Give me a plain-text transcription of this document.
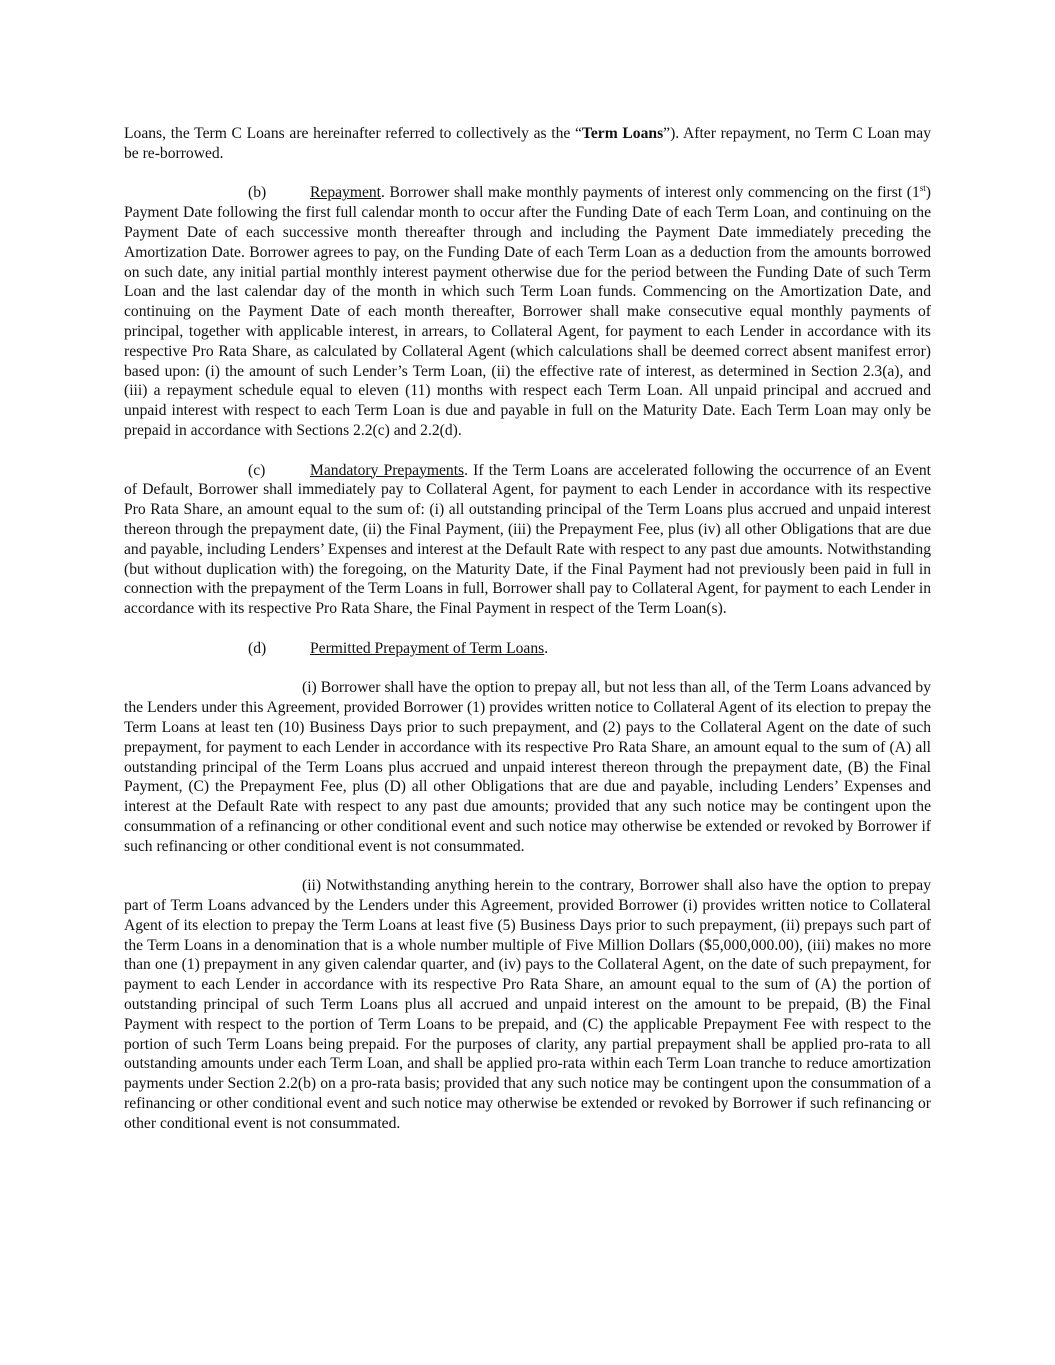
Loans, the Term C Loans are hereinafter referred to collectively as the “Term Loans”). After repayment, no Term C Loan may be re-borrowed.

(b)	Repayment. Borrower shall make monthly payments of interest only commencing on the first (1st) Payment Date following the first full calendar month to occur after the Funding Date of each Term Loan, and continuing on the Payment Date of each successive month thereafter through and including the Payment Date immediately preceding the Amortization Date. Borrower agrees to pay, on the Funding Date of each Term Loan as a deduction from the amounts borrowed on such date, any initial partial monthly interest payment otherwise due for the period between the Funding Date of such Term Loan and the last calendar day of the month in which such Term Loan funds. Commencing on the Amortization Date, and continuing on the Payment Date of each month thereafter, Borrower shall make consecutive equal monthly payments of principal, together with applicable interest, in arrears, to Collateral Agent, for payment to each Lender in accordance with its respective Pro Rata Share, as calculated by Collateral Agent (which calculations shall be deemed correct absent manifest error) based upon: (i) the amount of such Lender’s Term Loan, (ii) the effective rate of interest, as determined in Section 2.3(a), and (iii) a repayment schedule equal to eleven (11) months with respect each Term Loan. All unpaid principal and accrued and unpaid interest with respect to each Term Loan is due and payable in full on the Maturity Date. Each Term Loan may only be prepaid in accordance with Sections 2.2(c) and 2.2(d).

(c)	Mandatory Prepayments. If the Term Loans are accelerated following the occurrence of an Event of Default, Borrower shall immediately pay to Collateral Agent, for payment to each Lender in accordance with its respective Pro Rata Share, an amount equal to the sum of: (i) all outstanding principal of the Term Loans plus accrued and unpaid interest thereon through the prepayment date, (ii) the Final Payment, (iii) the Prepayment Fee, plus (iv) all other Obligations that are due and payable, including Lenders’ Expenses and interest at the Default Rate with respect to any past due amounts. Notwithstanding (but without duplication with) the foregoing, on the Maturity Date, if the Final Payment had not previously been paid in full in connection with the prepayment of the Term Loans in full, Borrower shall pay to Collateral Agent, for payment to each Lender in accordance with its respective Pro Rata Share, the Final Payment in respect of the Term Loan(s).

(d)	Permitted Prepayment of Term Loans.

(i) Borrower shall have the option to prepay all, but not less than all, of the Term Loans advanced by the Lenders under this Agreement, provided Borrower (1) provides written notice to Collateral Agent of its election to prepay the Term Loans at least ten (10) Business Days prior to such prepayment, and (2) pays to the Collateral Agent on the date of such prepayment, for payment to each Lender in accordance with its respective Pro Rata Share, an amount equal to the sum of (A) all outstanding principal of the Term Loans plus accrued and unpaid interest thereon through the prepayment date, (B) the Final Payment, (C) the Prepayment Fee, plus (D) all other Obligations that are due and payable, including Lenders’ Expenses and interest at the Default Rate with respect to any past due amounts; provided that any such notice may be contingent upon the consummation of a refinancing or other conditional event and such notice may otherwise be extended or revoked by Borrower if such refinancing or other conditional event is not consummated.

(ii) Notwithstanding anything herein to the contrary, Borrower shall also have the option to prepay part of Term Loans advanced by the Lenders under this Agreement, provided Borrower (i) provides written notice to Collateral Agent of its election to prepay the Term Loans at least five (5) Business Days prior to such prepayment, (ii) prepays such part of the Term Loans in a denomination that is a whole number multiple of Five Million Dollars ($5,000,000.00), (iii) makes no more than one (1) prepayment in any given calendar quarter, and (iv) pays to the Collateral Agent, on the date of such prepayment, for payment to each Lender in accordance with its respective Pro Rata Share, an amount equal to the sum of (A) the portion of outstanding principal of such Term Loans plus all accrued and unpaid interest on the amount to be prepaid, (B) the Final Payment with respect to the portion of Term Loans to be prepaid, and (C) the applicable Prepayment Fee with respect to the portion of such Term Loans being prepaid. For the purposes of clarity, any partial prepayment shall be applied pro-rata to all outstanding amounts under each Term Loan, and shall be applied pro-rata within each Term Loan tranche to reduce amortization payments under Section 2.2(b) on a pro-rata basis; provided that any such notice may be contingent upon the consummation of a refinancing or other conditional event and such notice may otherwise be extended or revoked by Borrower if such refinancing or other conditional event is not consummated.
